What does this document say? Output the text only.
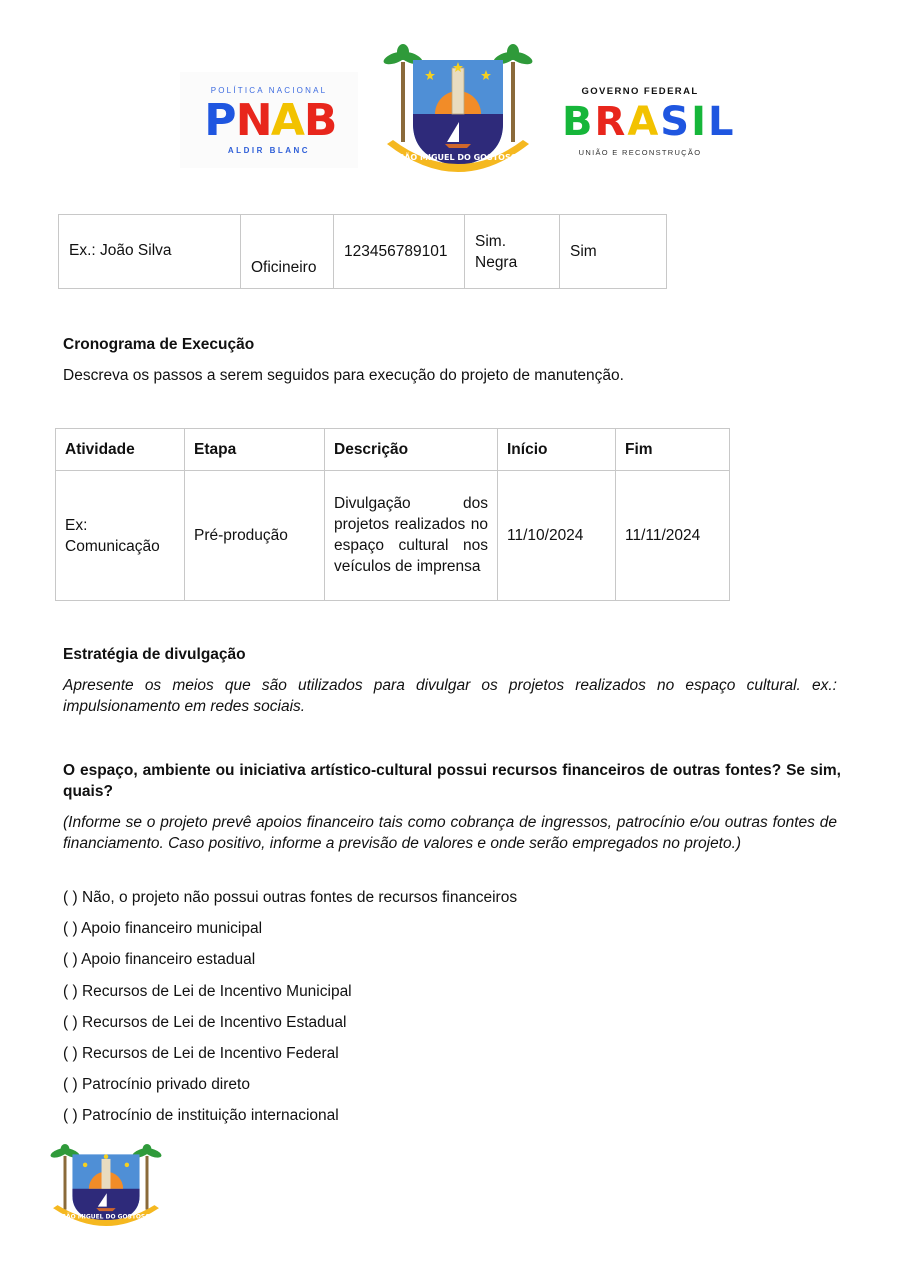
POLÍTICA NACIONAL
P N A B
ALDIR BLANC
SÃO MIGUEL DO GOSTOSO
GOVERNO FEDERAL
B R A S I L
UNIÃO E RECONSTRUÇÃO
Ex.: João Silva	Oficineiro	123456789101	Sim. Negra	Sim
Cronograma de Execução
Descreva os passos a serem seguidos para execução do projeto de manutenção.
Atividade	Etapa	Descrição	Início	Fim
Ex: Comunicação	Pré-produção	Divulgação dos projetos realizados no espaço cultural nos veículos de imprensa	11/10/2024	11/11/2024
Estratégia de divulgação
Apresente os meios que são utilizados para divulgar os projetos realizados no espaço cultural. ex.: impulsionamento em redes sociais.
O espaço, ambiente ou iniciativa artístico-cultural possui recursos financeiros de outras fontes? Se sim, quais?
(Informe se o projeto prevê apoios financeiro tais como cobrança de ingressos, patrocínio e/ou outras fontes de financiamento. Caso positivo, informe a previsão de valores e onde serão empregados no projeto.)
( ) Não, o projeto não possui outras fontes de recursos financeiros
( ) Apoio financeiro municipal
( ) Apoio financeiro estadual
( ) Recursos de Lei de Incentivo Municipal
( ) Recursos de Lei de Incentivo Estadual
( ) Recursos de Lei de Incentivo Federal
( ) Patrocínio privado direto
( ) Patrocínio de instituição internacional
SÃO MIGUEL DO GOSTOSO
